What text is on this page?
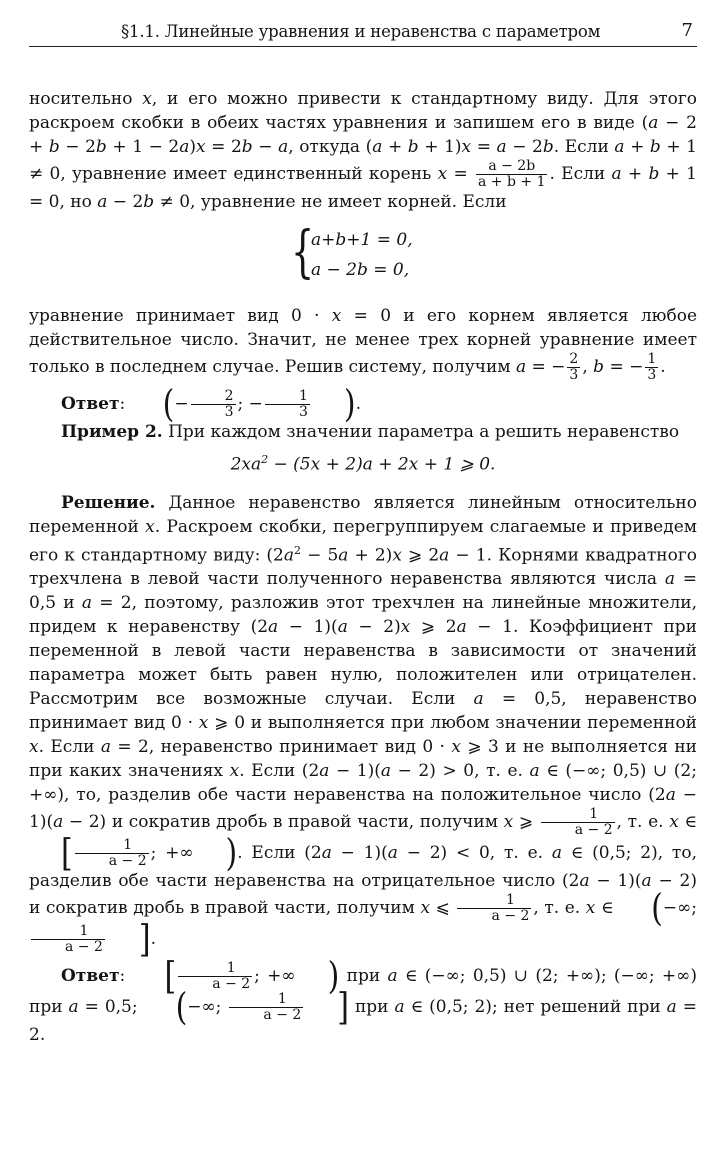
§1.1. Линейные уравнения и неравенства с параметром	7

носительно x, и его можно привести к стандартному виду. Для этого раскроем скобки в обеих частях уравнения и запишем его в виде (a − 2 + b − 2b + 1 − 2a)x = 2b − a, откуда (a + b + 1)x = a − 2b. Если a + b + 1 ≠ 0, уравнение имеет единственный корень $x = \frac{a - 2b}{a + b + 1}$ . Если a + b + 1 = 0, но a − 2b ≠ 0, уравнение не имеет корней. Если

{
a+b+1 = 0,
a − 2b = 0,

уравнение принимает вид 0 · x = 0 и его корнем является любое действительное число. Значит, не менее трех корней уравнение имеет только в последнем случае. Решив систему, получим a = − $\frac{2}{3}$ , b = − $\frac{1}{3}$ .

Ответ: (− $\frac{2}{3}$ ; − $\frac{1}{3}$ ).

Пример 2. При каждом значении параметра a решить неравенство

$2xa^2 - (5x + 2)a + 2x + 1$ ⩾ 0.

Решение. Данное неравенство является линейным относительно переменной x. Раскроем скобки, перегруппируем слагаемые и приведем его к стандартному виду: $(2a^2 - 5a + 2)x$ ⩾ 2a − 1. Корнями квадратного трехчлена в левой части полученного неравенства являются числа a = 0,5 и a = 2, поэтому, разложив этот трехчлен на линейные множители, придем к неравенству (2a − 1)(a − 2)x ⩾ 2a − 1. Коэффициент при переменной в левой части неравенства в зависимости от значений параметра может быть равен нулю, положителен или отрицателен. Рассмотрим все возможные случаи. Если a = 0,5, неравенство принимает вид 0 · x ⩾ 0 и выполняется при любом значении переменной x. Если a = 2, неравенство принимает вид 0 · x ⩾ 3 и не выполняется ни при каких значениях x. Если (2a − 1)(a − 2) > 0, т. е. a ∈ (−∞; 0,5) ∪ (2; +∞), то, разделив обе части неравенства на положительное число (2a − 1)(a − 2) и сократив дробь в правой части, получим x ⩾ $\frac{1}{a - 2}$ , т. е. x ∈ [ $\frac{1}{a - 2}$ ; +∞ ). Если (2a − 1)(a − 2) < 0, т. е. a ∈ (0,5; 2), то, разделив обе части неравенства на отрицательное число (2a − 1)(a − 2) и сократив дробь в правой части, получим x ⩽ $\frac{1}{a - 2}$ , т. е. x ∈ (−∞;
$\frac{1}{a - 2}$ ].

Ответ: [ $\frac{1}{a - 2}$ ; +∞ ) при a ∈ (−∞; 0,5) ∪ (2; +∞); (−∞; +∞) при a = 0,5; (−∞; $\frac{1}{a - 2}$ ] при a ∈ (0,5; 2); нет решений при a = 2.
